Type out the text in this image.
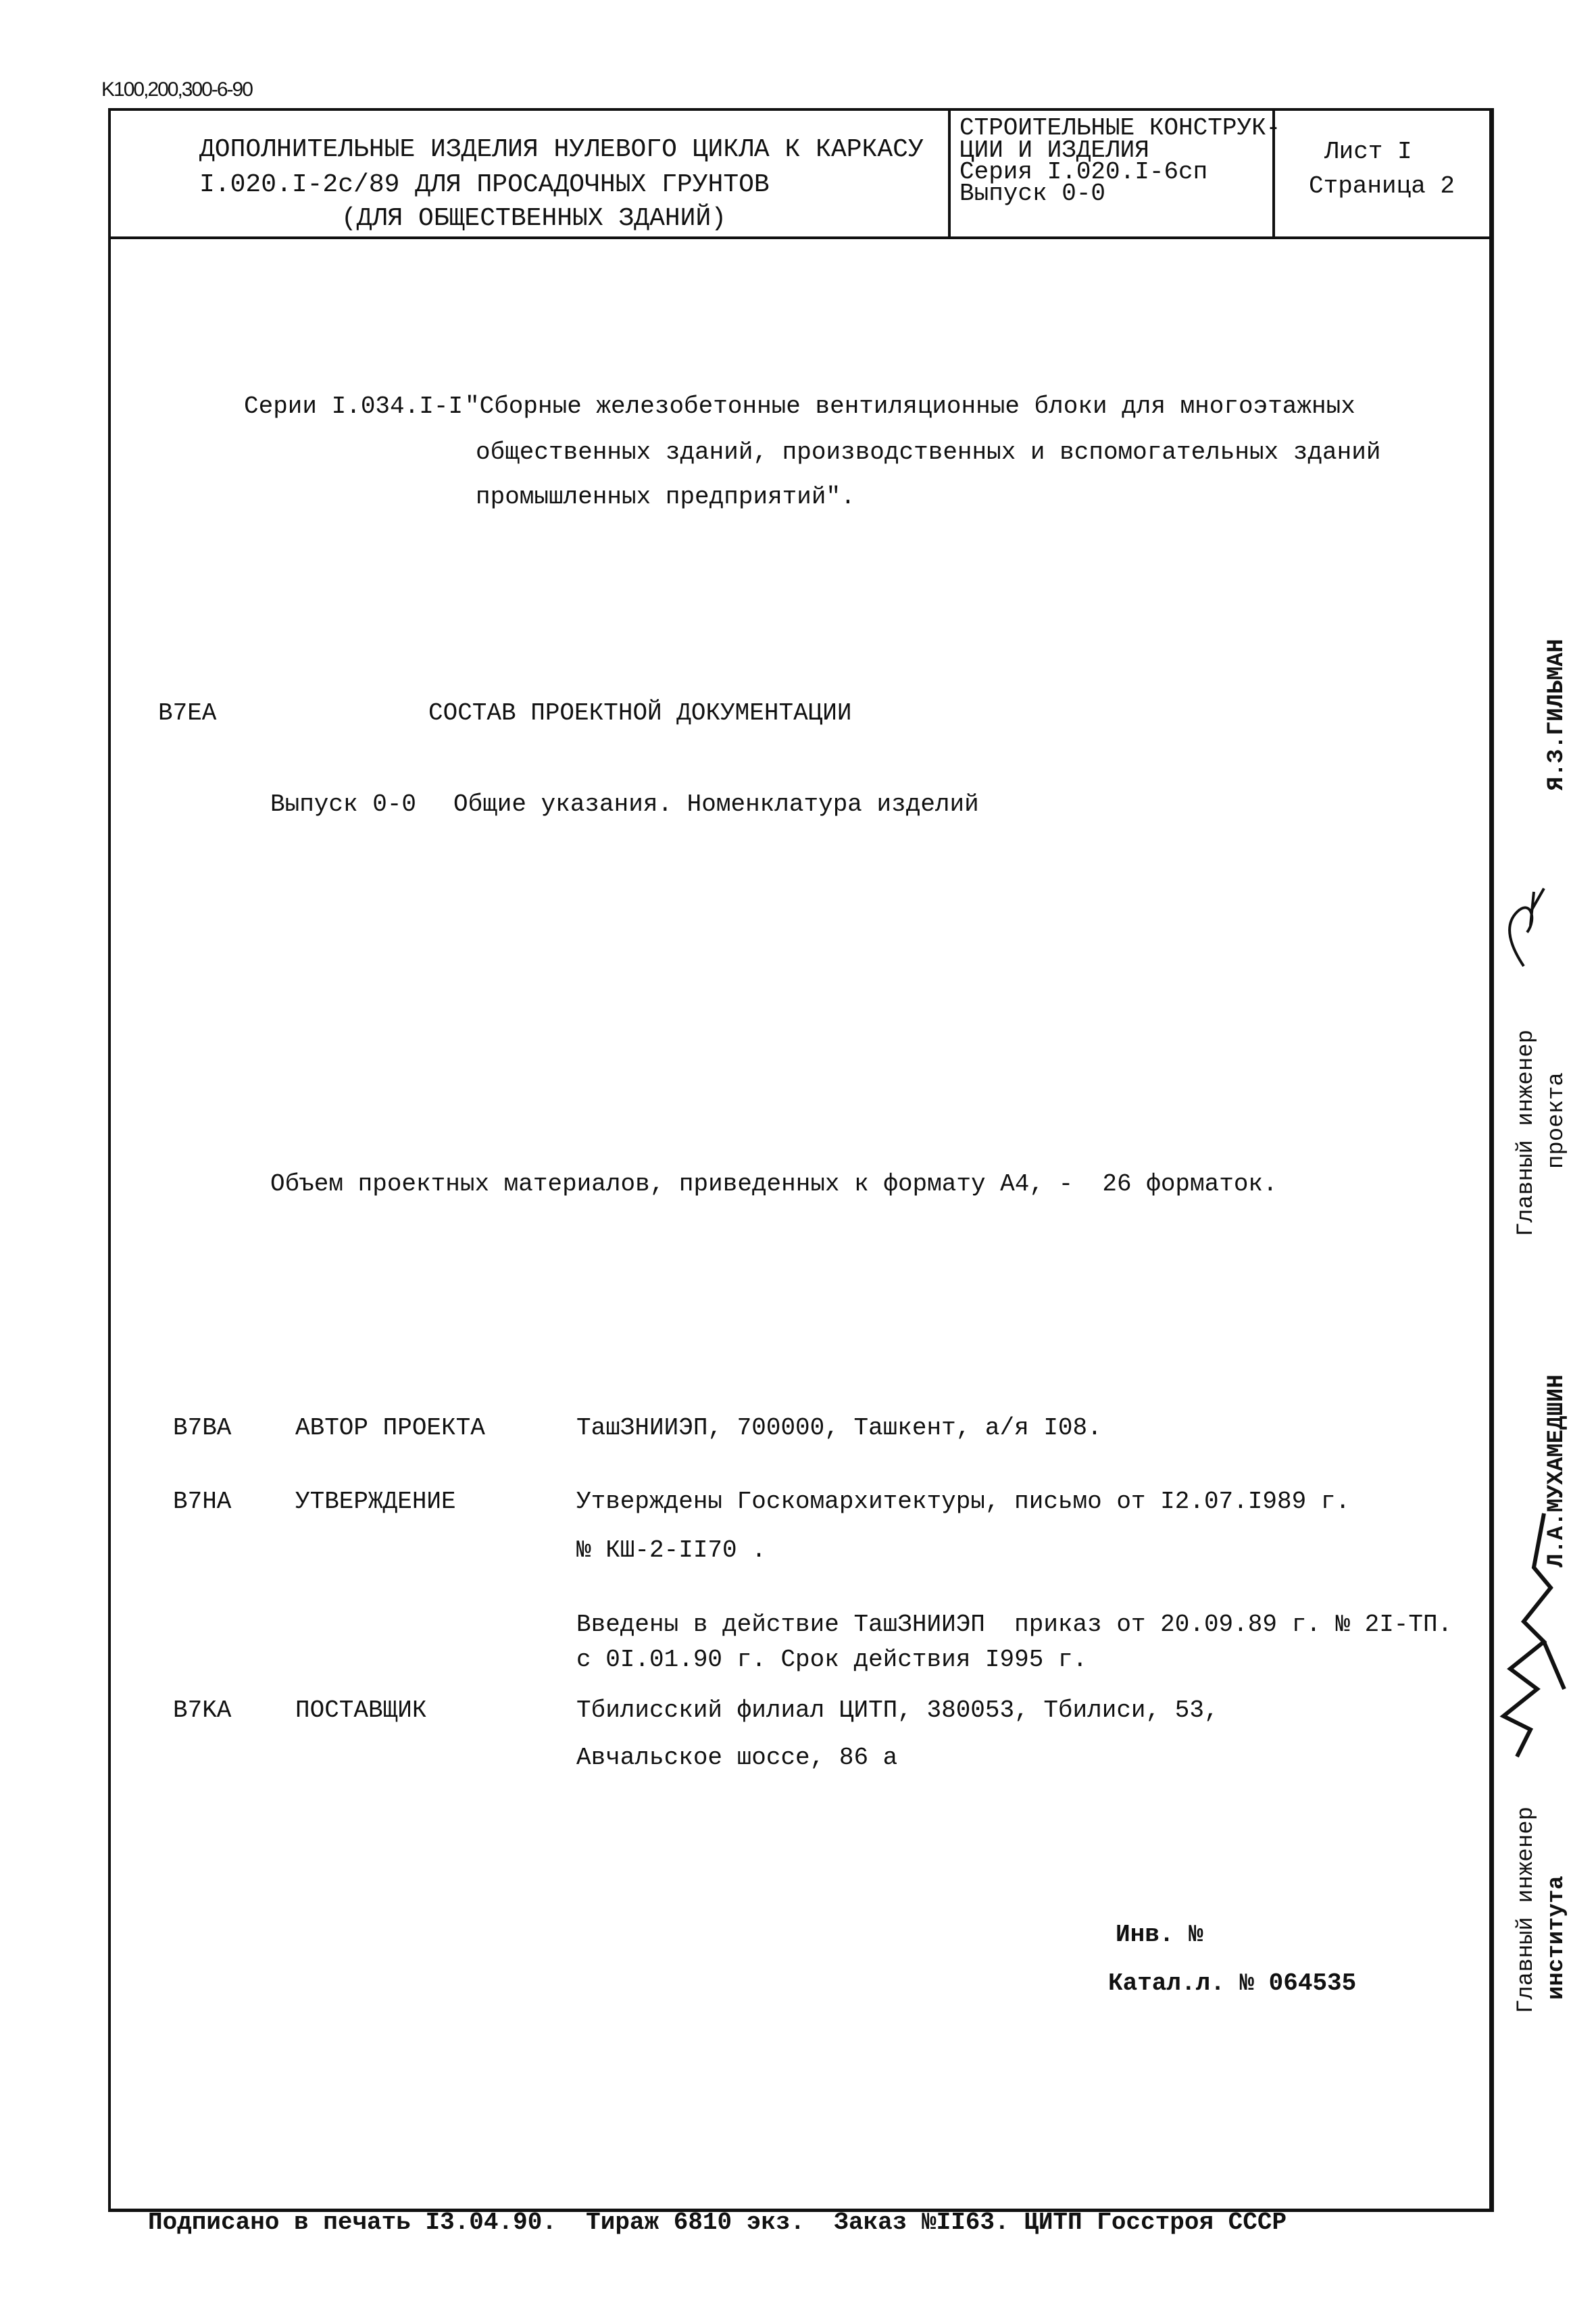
K100,200,300-6-90
ДОПОЛНИТЕЛЬНЫЕ ИЗДЕЛИЯ НУЛЕВОГО ЦИКЛА К КАРКАСУ
I.020.I-2с/89 ДЛЯ ПРОСАДОЧНЫХ ГРУНТОВ
(ДЛЯ ОБЩЕСТВЕННЫХ ЗДАНИЙ)
СТРОИТЕЛЬНЫЕ КОНСТРУК-
ЦИИ И ИЗДЕЛИЯ
Серия I.020.I-6сп
Выпуск 0-0
Лист I
Страница 2
Серии I.034.I-I "Сборные железобетонные вентиляционные блоки для многоэтажных
общественных зданий, производственных и вспомогательных зданий
промышленных предприятий".
B7EA	СОСТАВ ПРОЕКТНОЙ ДОКУМЕНТАЦИИ
Выпуск 0-0 Общие указания. Номенклатура изделий
Объем проектных материалов, приведенных к формату А4, -  26 форматок.
B7BA	АВТОР ПРОЕКТА	ТашЗНИИЭП, 700000, Ташкент, а/я I08.
B7HA	УТВЕРЖДЕНИЕ	Утверждены Госкомархитектуры, письмо от I2.07.I989 г.
№ КШ-2-II70 .
Введены в действие ТашЗНИИЭП  приказ от 20.09.89 г. № 2I-ТП.
с 0I.01.90 г. Срок действия I995 г.
B7KA	ПОСТАВЩИК	Тбилисский филиал ЦИТП, 380053, Тбилиси, 53,
Авчальское шоссе, 86 а
Инв. №
Катал.л. № 064535
Подписано в печать I3.04.90.  Тираж 6810 экз.  Заказ №II63. ЦИТП Госстроя СССР
Главный инженер проекта
Я.З.ГИЛЬМАН
Л.А.МУХАМЕДШИН
Главный инженер института
